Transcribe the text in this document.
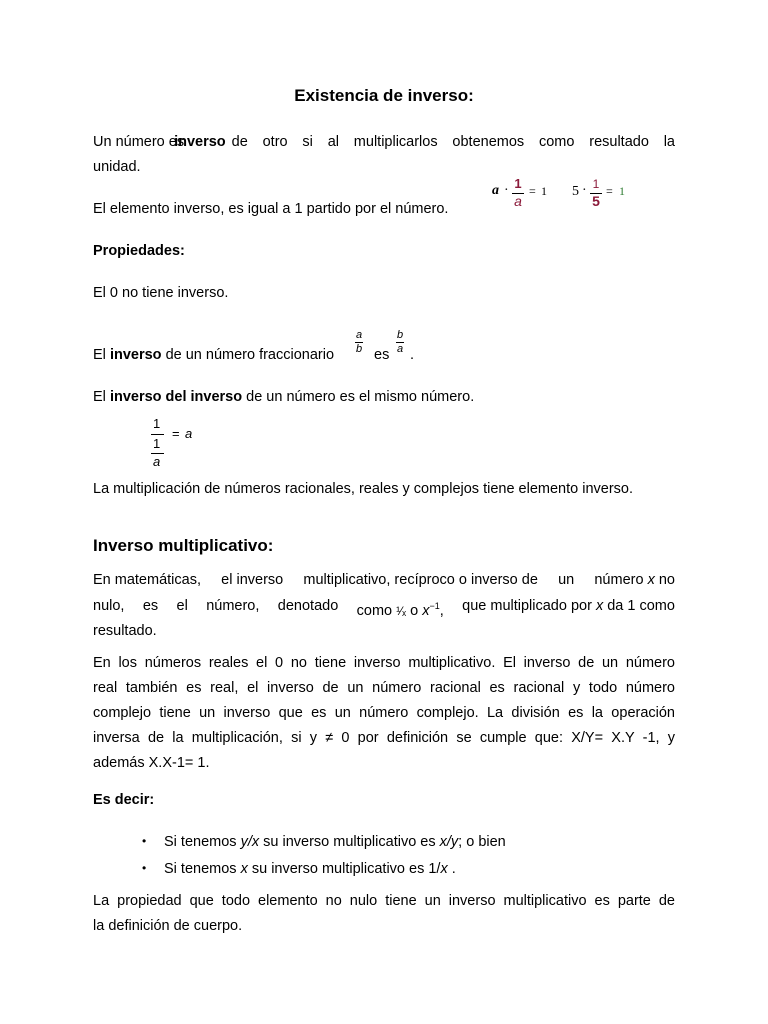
Existencia de inverso:

Un número es
inverso de otro si al multiplicarlos obtenemos como resultado la

unidad.

El elemento inverso, es igual a 1 partido por el número.

a · 1
a
= 1 5 · 1
5
= 1

Propiedades:

El 0 no tiene inverso.

El inverso de un número fraccionario $\frac{a}{b}$ es $\frac{b}{a}$ .
El inverso del inverso de un número es el mismo número.
1
1
a
= a

La multiplicación de números racionales, reales y complejos tiene elemento inverso.

Inverso multiplicativo:

En matemáticas, el inverso multiplicativo, recíproco o inverso de un número x no
nulo, es el número, denotado como ¹⁄ₓ o $x^{-1}$, que multiplicado por x da 1 como

resultado.

En los números reales el 0 no tiene inverso multiplicativo. El inverso de un número
real también es real, el inverso de un número racional es racional y todo número
complejo tiene un inverso que es un número complejo. La división es la operación
inversa de la multiplicación, si y ≠ 0 por definición se cumple que: X/Y= X.Y -1, y
además X.X-1= 1.

Es decir:

• Si tenemos y/x su inverso multiplicativo es x/y; o bien
• Si tenemos x su inverso multiplicativo es 1/x .
La propiedad que todo elemento no nulo tiene un inverso multiplicativo es parte de
la definición de cuerpo.
